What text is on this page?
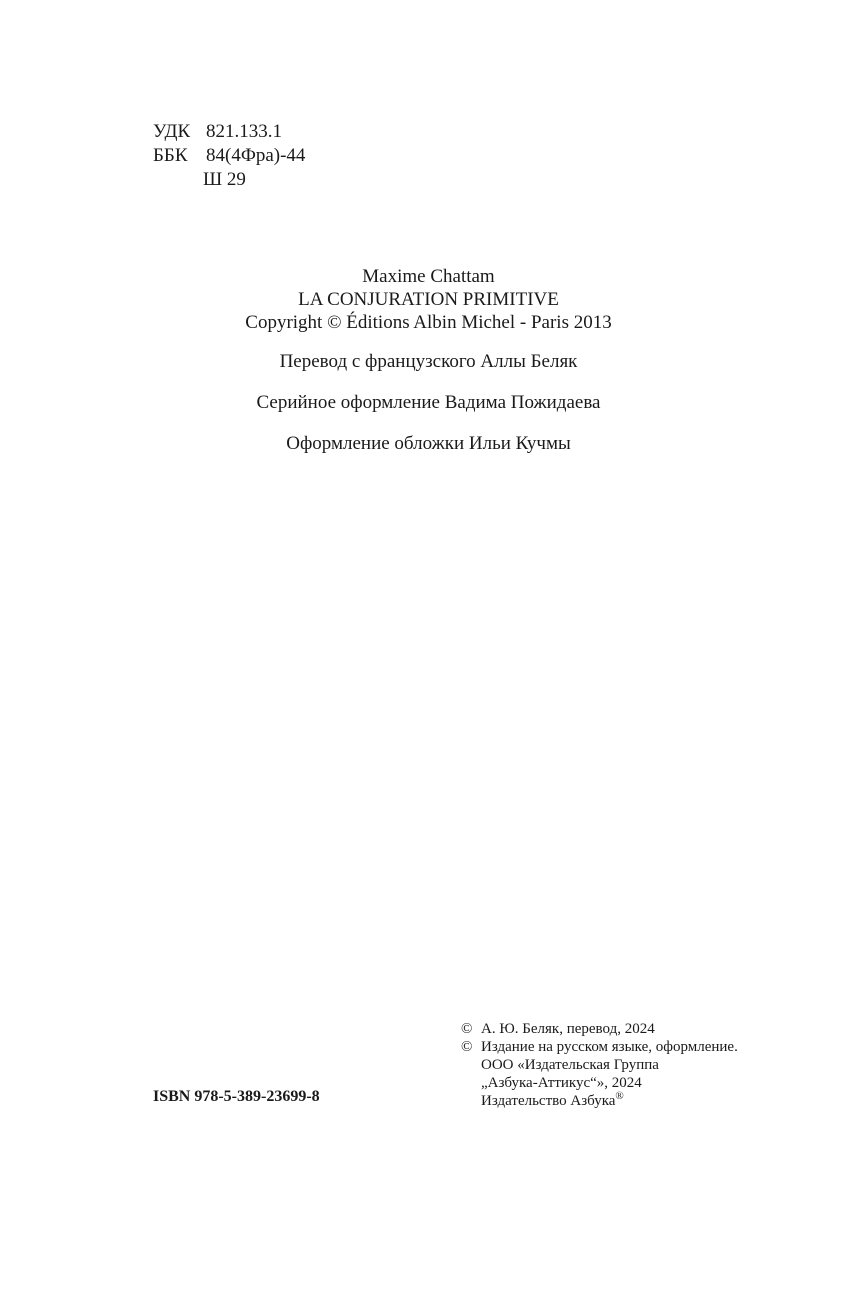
УДК 821.133.1
ББК 84(4Фра)-44
Ш 29
Maxime Chattam
LA CONJURATION PRIMITIVE
Copyright © Éditions Albin Michel - Paris 2013
Перевод с французского Аллы Беляк
Серийное оформление Вадима Пожидаева
Оформление обложки Ильи Кучмы
© А. Ю. Беляк, перевод, 2024
© Издание на русском языке, оформление.
ООО «Издательская Группа
„Азбука-Аттикус“», 2024
Издательство Азбука®
ISBN 978-5-389-23699-8
